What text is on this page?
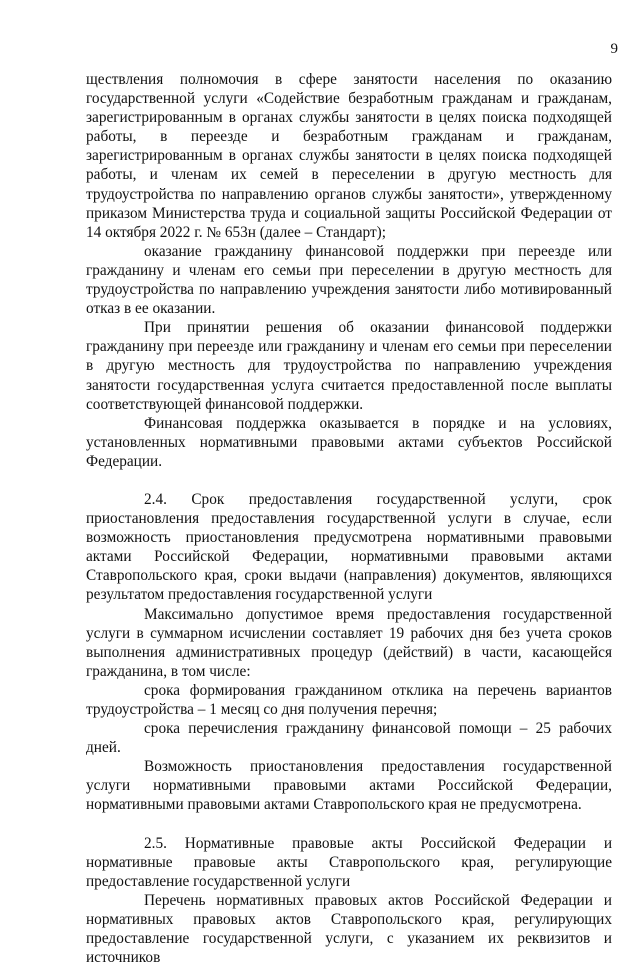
9

ществления полномочия в сфере занятости населения по оказанию государственной услуги «Содействие безработным гражданам и гражданам, зарегистрированным в органах службы занятости в целях поиска подходящей работы, в переезде и безработным гражданам и гражданам, зарегистрированным в органах службы занятости в целях поиска подходящей работы, и членам их семей в переселении в другую местность для трудоустройства по направлению органов службы занятости», утвержденному приказом Министерства труда и социальной защиты Российской Федерации от 14 октября 2022 г. № 653н (далее – Стандарт);

оказание гражданину финансовой поддержки при переезде или гражданину и членам его семьи при переселении в другую местность для трудоустройства по направлению учреждения занятости либо мотивированный отказ в ее оказании.

При принятии решения об оказании финансовой поддержки гражданину при переезде или гражданину и членам его семьи при переселении в другую местность для трудоустройства по направлению учреждения занятости государственная услуга считается предоставленной после выплаты соответствующей финансовой поддержки.

Финансовая поддержка оказывается в порядке и на условиях, установленных нормативными правовыми актами субъектов Российской Федерации.

2.4. Срок предоставления государственной услуги, срок приостановления предоставления государственной услуги в случае, если возможность приостановления предусмотрена нормативными правовыми актами Российской Федерации, нормативными правовыми актами Ставропольского края, сроки выдачи (направления) документов, являющихся результатом предоставления государственной услуги

Максимально допустимое время предоставления государственной услуги в суммарном исчислении составляет 19 рабочих дня без учета сроков выполнения административных процедур (действий) в части, касающейся гражданина, в том числе:

срока формирования гражданином отклика на перечень вариантов трудоустройства – 1 месяц со дня получения перечня;

срока перечисления гражданину финансовой помощи – 25 рабочих дней.

Возможность приостановления предоставления государственной услуги нормативными правовыми актами Российской Федерации, нормативными правовыми актами Ставропольского края не предусмотрена.

2.5. Нормативные правовые акты Российской Федерации и нормативные правовые акты Ставропольского края, регулирующие предоставление государственной услуги

Перечень нормативных правовых актов Российской Федерации и нормативных правовых актов Ставропольского края, регулирующих предоставление государственной услуги, с указанием их реквизитов и источников
